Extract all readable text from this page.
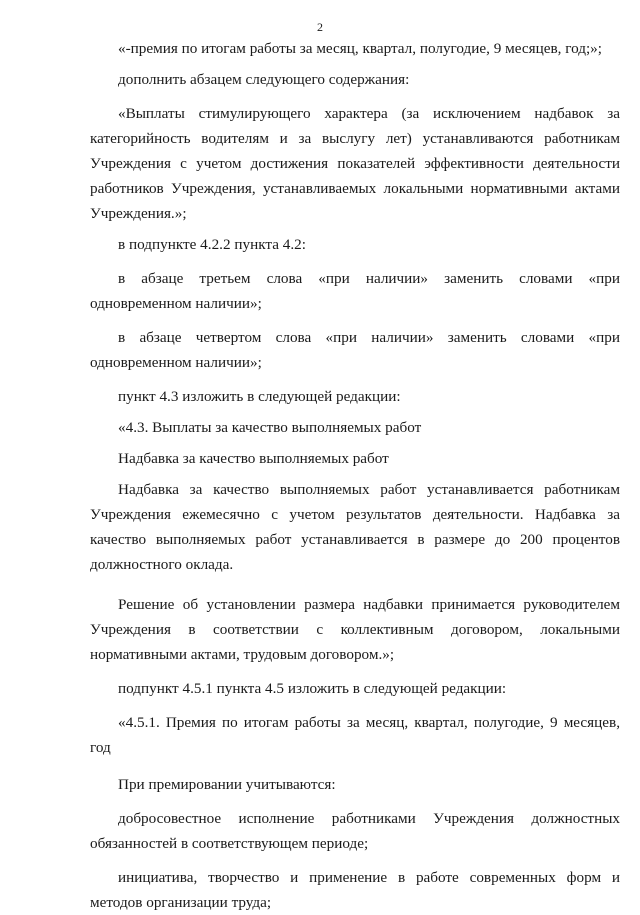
2

«-премия по итогам работы за месяц, квартал, полугодие, 9 месяцев, год;»;

дополнить абзацем следующего содержания:

«Выплаты стимулирующего характера (за исключением надбавок за категорийность водителям и за выслугу лет) устанавливаются работникам Учреждения с учетом достижения показателей эффективности деятельности работников Учреждения, устанавливаемых локальными нормативными актами Учреждения.»;

в подпункте 4.2.2 пункта 4.2:

в абзаце третьем слова «при наличии» заменить словами «при одновременном наличии»;

в абзаце четвертом слова «при наличии» заменить словами «при одновременном наличии»;

пункт 4.3 изложить в следующей редакции:

«4.3. Выплаты за качество выполняемых работ

Надбавка за качество выполняемых работ

Надбавка за качество выполняемых работ устанавливается работникам Учреждения ежемесячно с учетом результатов деятельности. Надбавка за качество выполняемых работ устанавливается в размере до 200 процентов должностного оклада.

Решение об установлении размера надбавки принимается руководителем Учреждения в соответствии с коллективным договором, локальными нормативными актами, трудовым договором.»;

подпункт 4.5.1 пункта 4.5 изложить в следующей редакции:

«4.5.1. Премия по итогам работы за месяц, квартал, полугодие, 9 месяцев, год

При премировании учитываются:

добросовестное исполнение работниками Учреждения должностных обязанностей в соответствующем периоде;

инициатива, творчество и применение в работе современных форм и методов организации труда;
